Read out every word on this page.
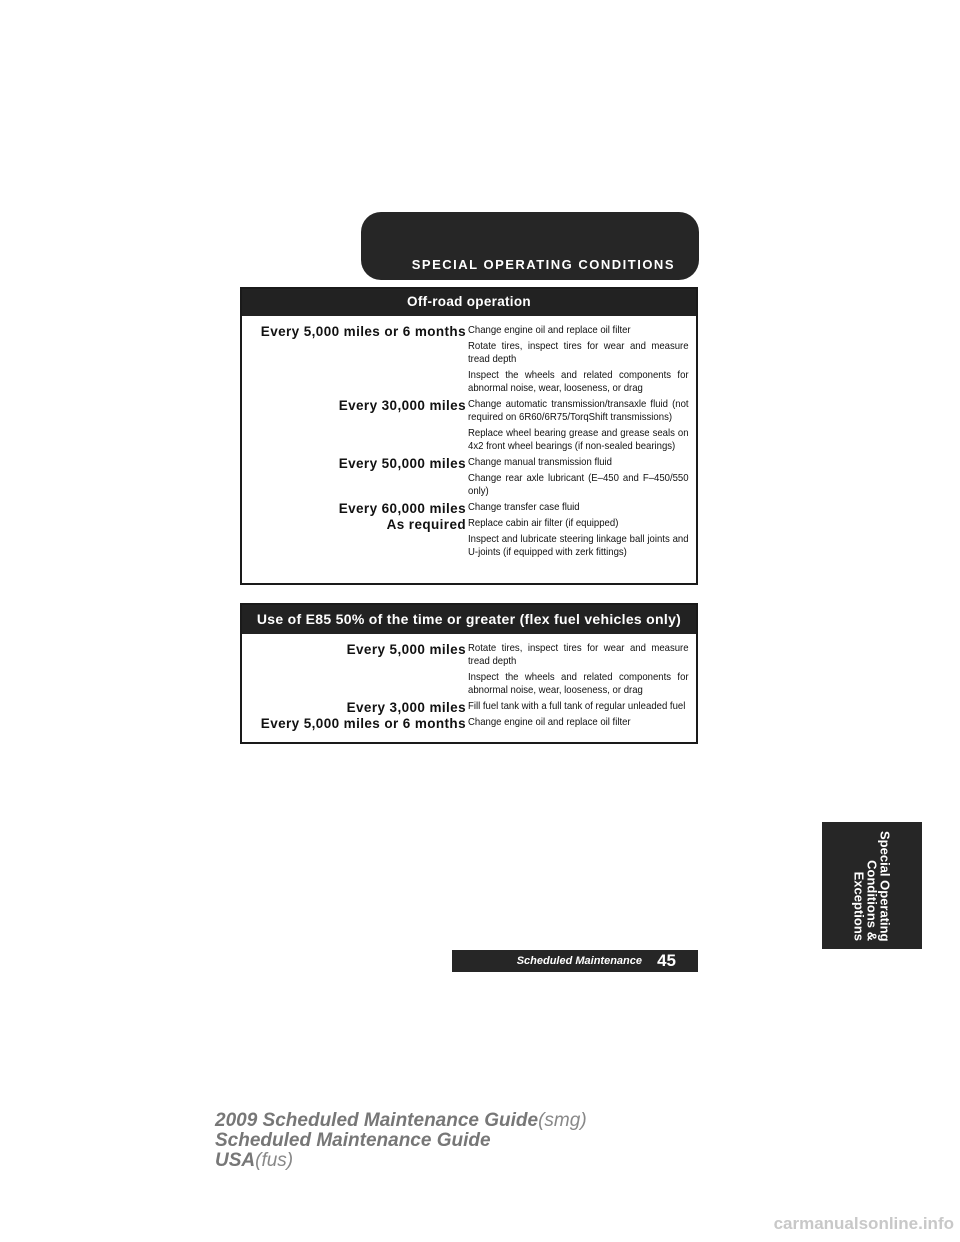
SPECIAL OPERATING CONDITIONS
Off-road operation
Every 5,000 miles or 6 months Change engine oil and replace oil filter
Rotate tires, inspect tires for wear and measure tread depth
Inspect the wheels and related components for abnormal noise, wear, looseness, or drag
Every 30,000 miles Change automatic transmission/transaxle fluid (not required on 6R60/6R75/TorqShift transmissions)
Replace wheel bearing grease and grease seals on 4x2 front wheel bearings (if non-sealed bearings)
Every 50,000 miles Change manual transmission fluid
Change rear axle lubricant (E–450 and F–450/550 only)
Every 60,000 miles Change transfer case fluid
As required Replace cabin air filter (if equipped)
Inspect and lubricate steering linkage ball joints and U-joints (if equipped with zerk fittings)
Use of E85 50% of the time or greater (flex fuel vehicles only)
Every 5,000 miles Rotate tires, inspect tires for wear and measure tread depth
Inspect the wheels and related components for abnormal noise, wear, looseness, or drag
Every 3,000 miles Fill fuel tank with a full tank of regular unleaded fuel
Every 5,000 miles or 6 months Change engine oil and replace oil filter
Special Operating
Conditions &
Exceptions
Scheduled Maintenance 45
2009 Scheduled Maintenance Guide(smg)
Scheduled Maintenance Guide
USA(fus)
carmanualsonline.info
